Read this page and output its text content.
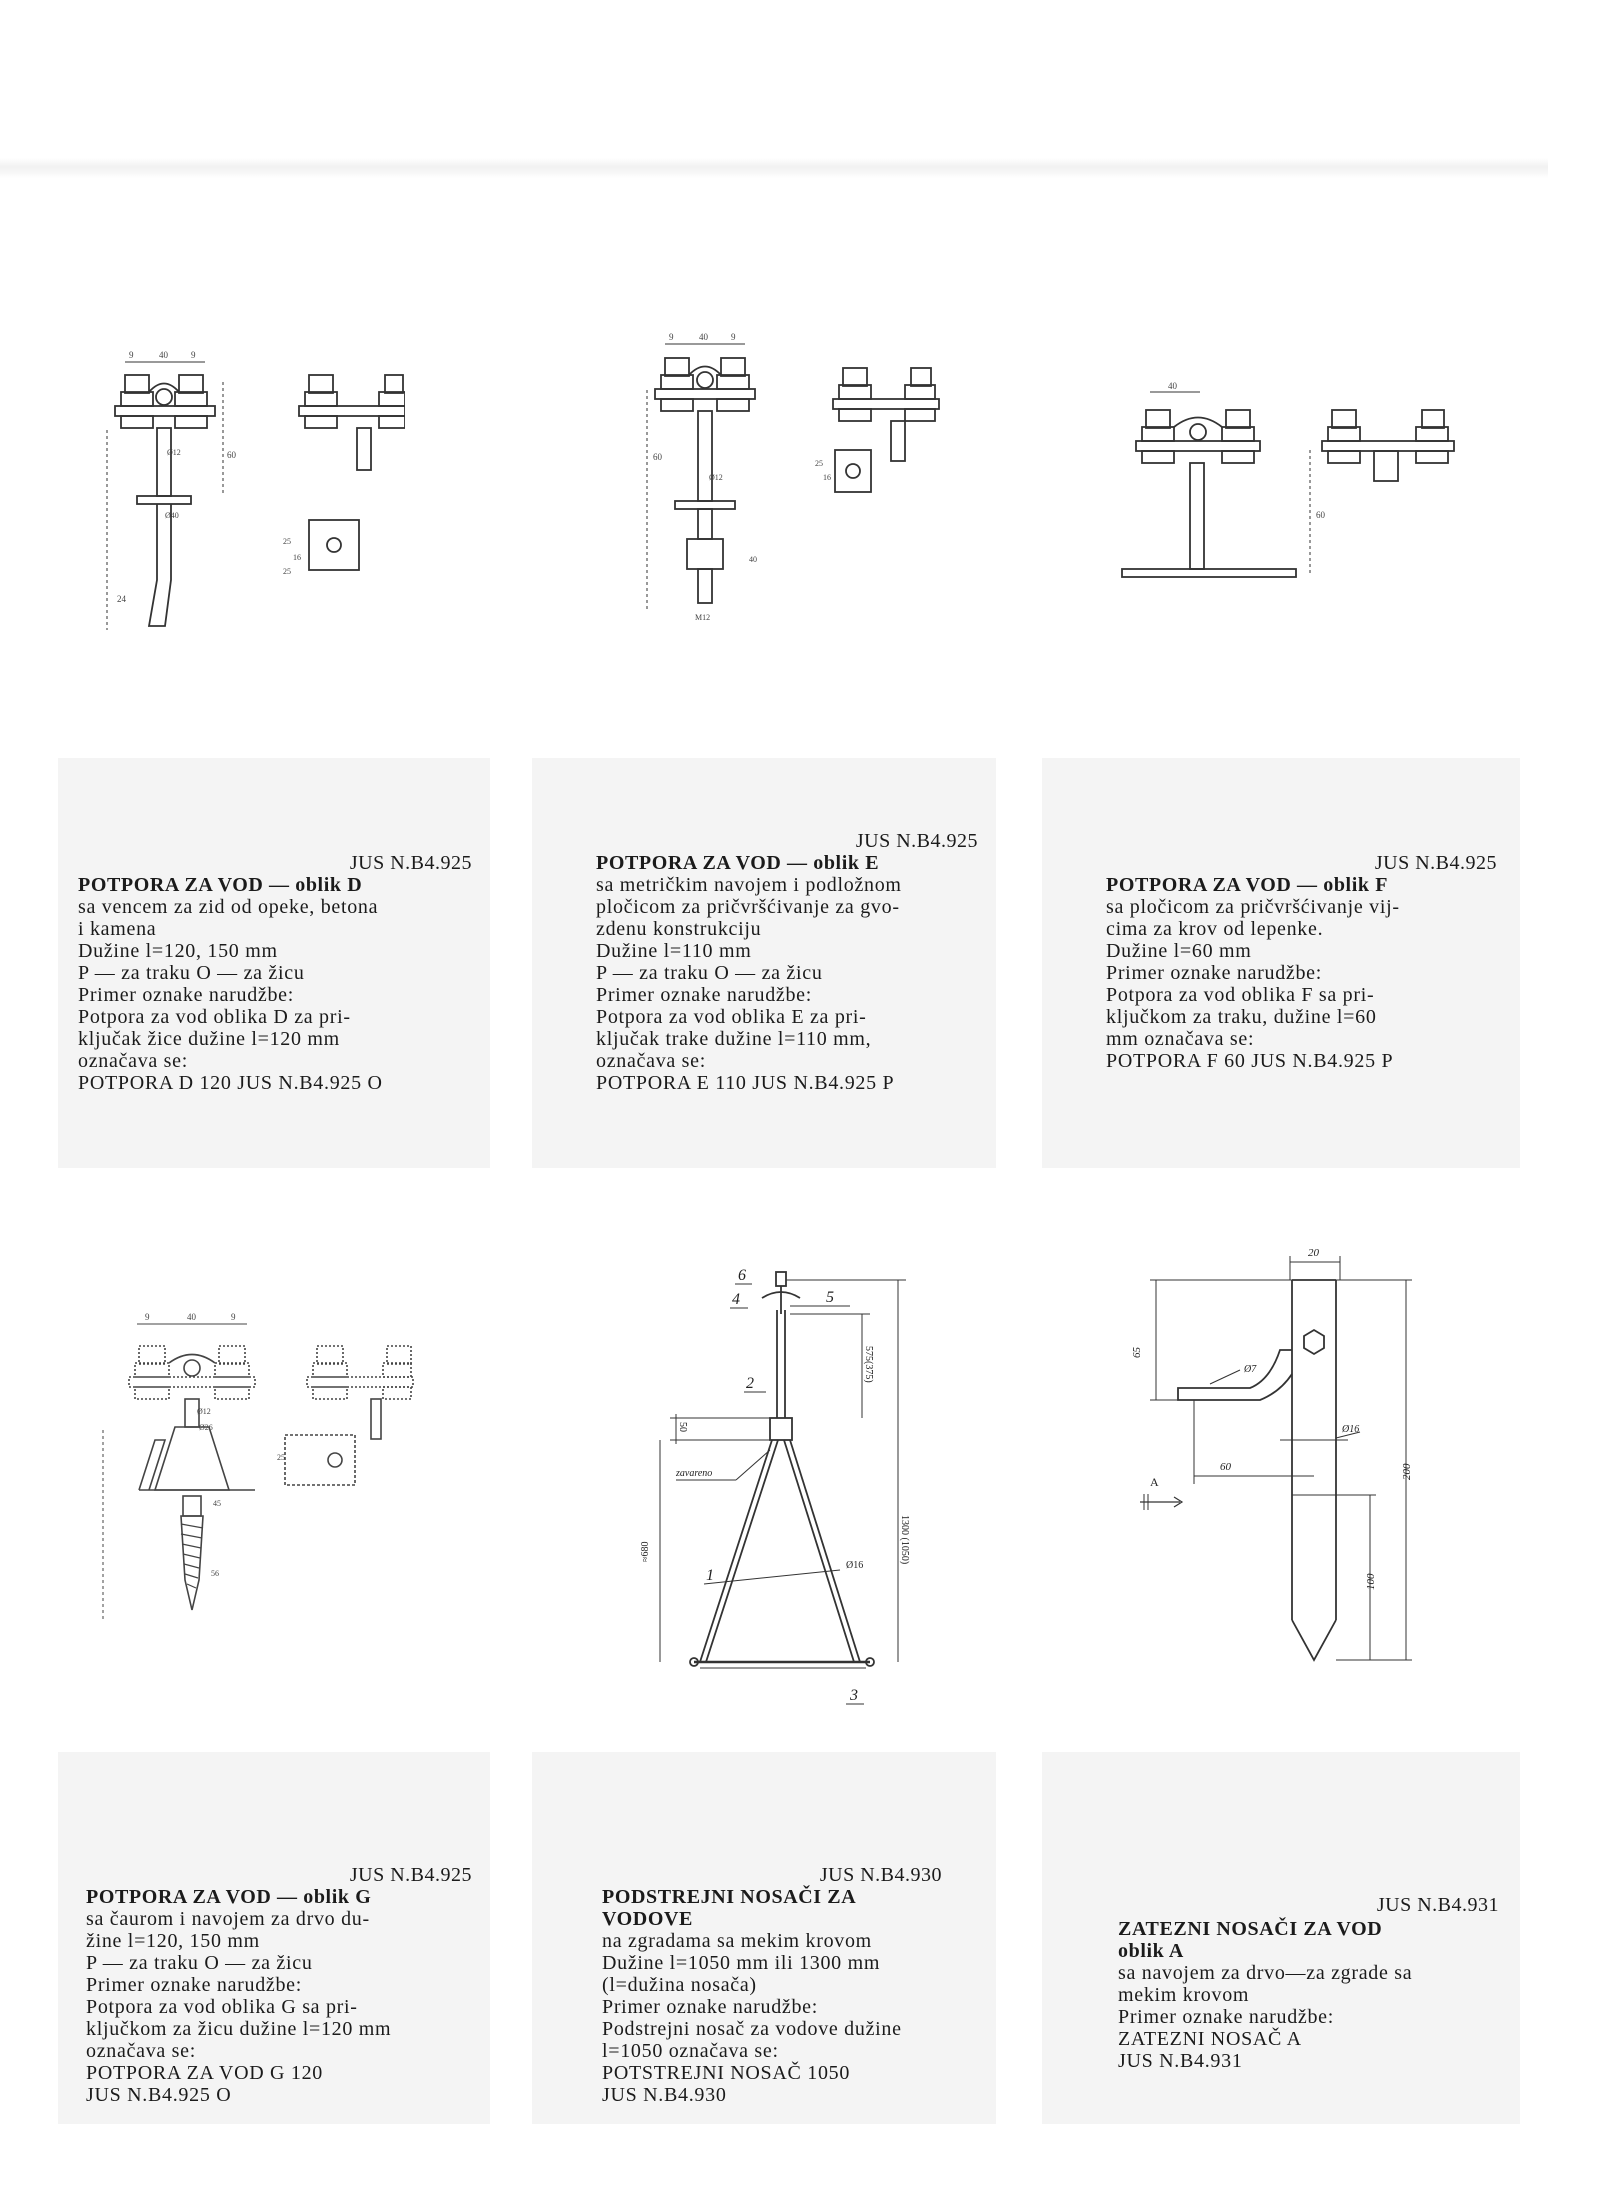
9	40	9
Ø12
Ø40
60
24
25
16
25
9	40	9
Ø12
M12
40
60
25
16
40
60
JUS N.B4.925

POTPORA ZA VOD — oblik D

sa vencem za zid od opeke, betona

i kamena

Dužine l=120, 150 mm

P — za traku O — za žicu

Primer oznake narudžbe:

Potpora za vod oblika D za pri-

ključak žice dužine l=120 mm

označava se:

POTPORA D 120 JUS N.B4.925 O

JUS N.B4.925

POTPORA ZA VOD — oblik E

sa metričkim navojem i podložnom

pločicom za pričvršćivanje za gvo-

zdenu konstrukciju

Dužine l=110 mm

P — za traku O — za žicu

Primer oznake narudžbe:

Potpora za vod oblika E za pri-

ključak trake dužine l=110 mm,

označava se:

POTPORA E 110 JUS N.B4.925 P

JUS N.B4.925

POTPORA ZA VOD — oblik F

sa pločicom za pričvršćivanje vij-

cima za krov od lepenke.

Dužine l=60 mm

Primer oznake narudžbe:

Potpora za vod oblika F sa pri-

ključkom za traku, dužine l=60

mm označava se:

POTPORA F 60 JUS N.B4.925 P

9	40	9
Ø12
Ø26
45
56
25
6
4	5
2
3
1
Ø16
zavareno
1300 (1050)
575(375)
50
≈680
20
Ø7
65
Ø16
60	200
100
A
JUS N.B4.925

POTPORA ZA VOD — oblik G

sa čaurom i navojem za drvo du-

žine l=120, 150 mm

P — za traku O — za žicu

Primer oznake narudžbe:

Potpora za vod oblika G sa pri-

ključkom za žicu dužine l=120 mm

označava se:

POTPORA ZA VOD G 120

JUS N.B4.925 O

JUS N.B4.930

PODSTREJNI NOSAČI ZA

VODOVE

na zgradama sa mekim krovom

Dužine l=1050 mm ili 1300 mm

(l=dužina nosača)

Primer oznake narudžbe:

Podstrejni nosač za vodove dužine

l=1050 označava se:

POTSTREJNI NOSAČ 1050

JUS N.B4.930

JUS N.B4.931

ZATEZNI NOSAČI ZA VOD

oblik A

sa navojem za drvo—za zgrade sa

mekim krovom

Primer oznake narudžbe:

ZATEZNI NOSAČ A

JUS N.B4.931
